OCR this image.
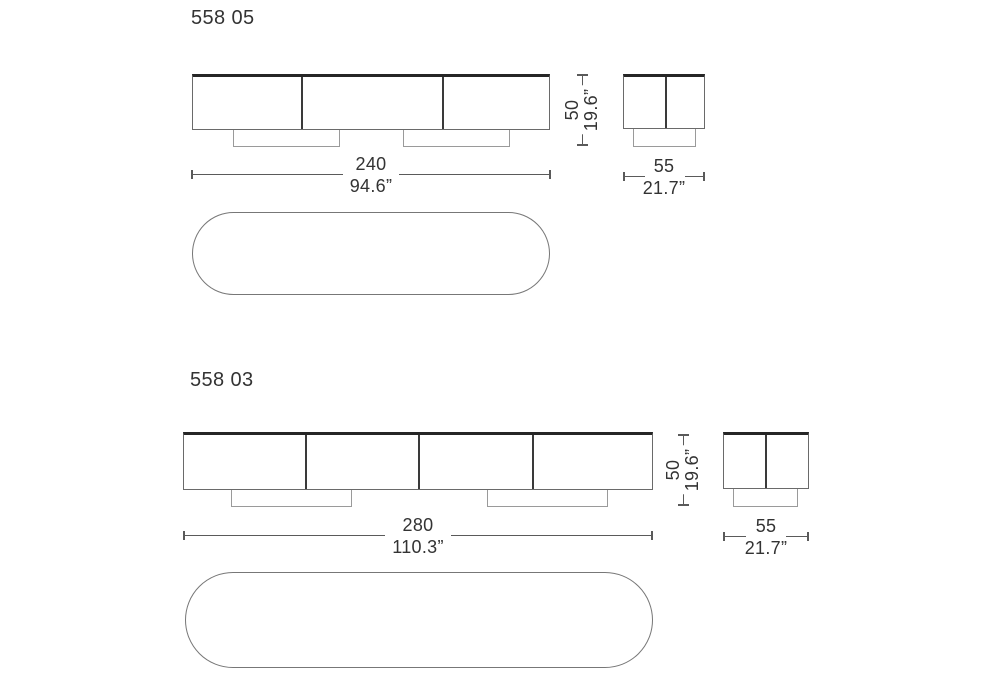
558 05
240
94.6”
50 19.6”
55
21.7”
558 03
280
110.3”
50 19.6”
55
21.7”
